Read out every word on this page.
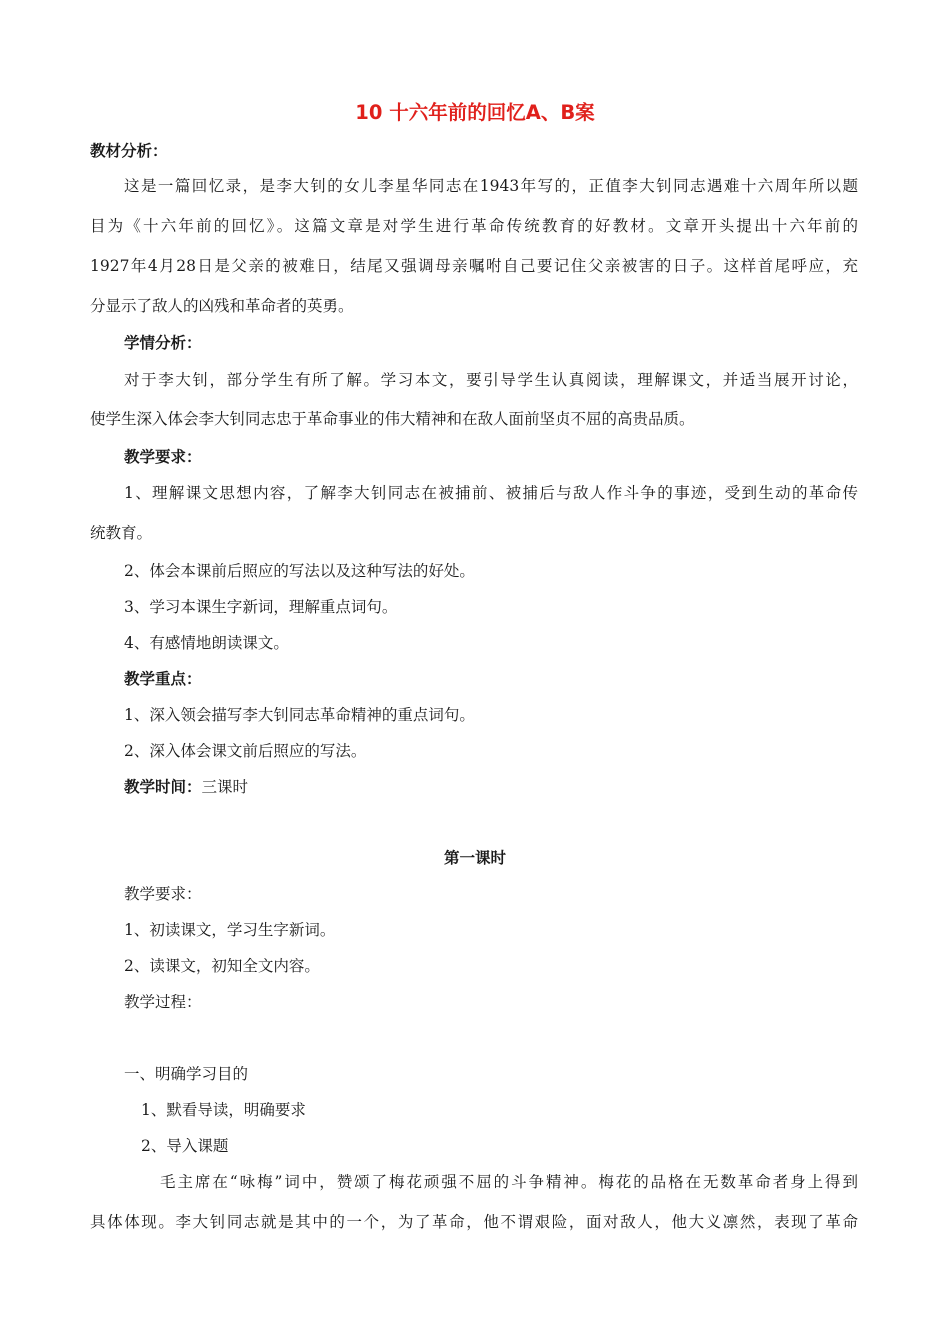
10 十六年前的回忆A、B案
教材分析：
这是一篇回忆录，是李大钊的女儿李星华同志在1943年写的，正值李大钊同志遇难十六周年所以题
目为《十六年前的回忆》。这篇文章是对学生进行革命传统教育的好教材。文章开头提出十六年前的
1927年4月28日是父亲的被难日，结尾又强调母亲嘱咐自己要记住父亲被害的日子。这样首尾呼应，充
分显示了敌人的凶残和革命者的英勇。
学情分析：
对于李大钊，部分学生有所了解。学习本文，要引导学生认真阅读，理解课文，并适当展开讨论，
使学生深入体会李大钊同志忠于革命事业的伟大精神和在敌人面前坚贞不屈的高贵品质。
教学要求：
1、理解课文思想内容，了解李大钊同志在被捕前、被捕后与敌人作斗争的事迹，受到生动的革命传
统教育。
2、体会本课前后照应的写法以及这种写法的好处。
3、学习本课生字新词，理解重点词句。
4、有感情地朗读课文。
教学重点：
1、深入领会描写李大钊同志革命精神的重点词句。
2、深入体会课文前后照应的写法。
教学时间：三课时
第一课时
教学要求：
1、初读课文，学习生字新词。
2、读课文，初知全文内容。
教学过程：
一、明确学习目的
1、默看导读，明确要求
2、导入课题
毛主席在“咏梅”词中，赞颂了梅花顽强不屈的斗争精神。梅花的品格在无数革命者身上得到
具体体现。李大钊同志就是其中的一个，为了革命，他不谓艰险，面对敌人，他大义凛然，表现了革命
